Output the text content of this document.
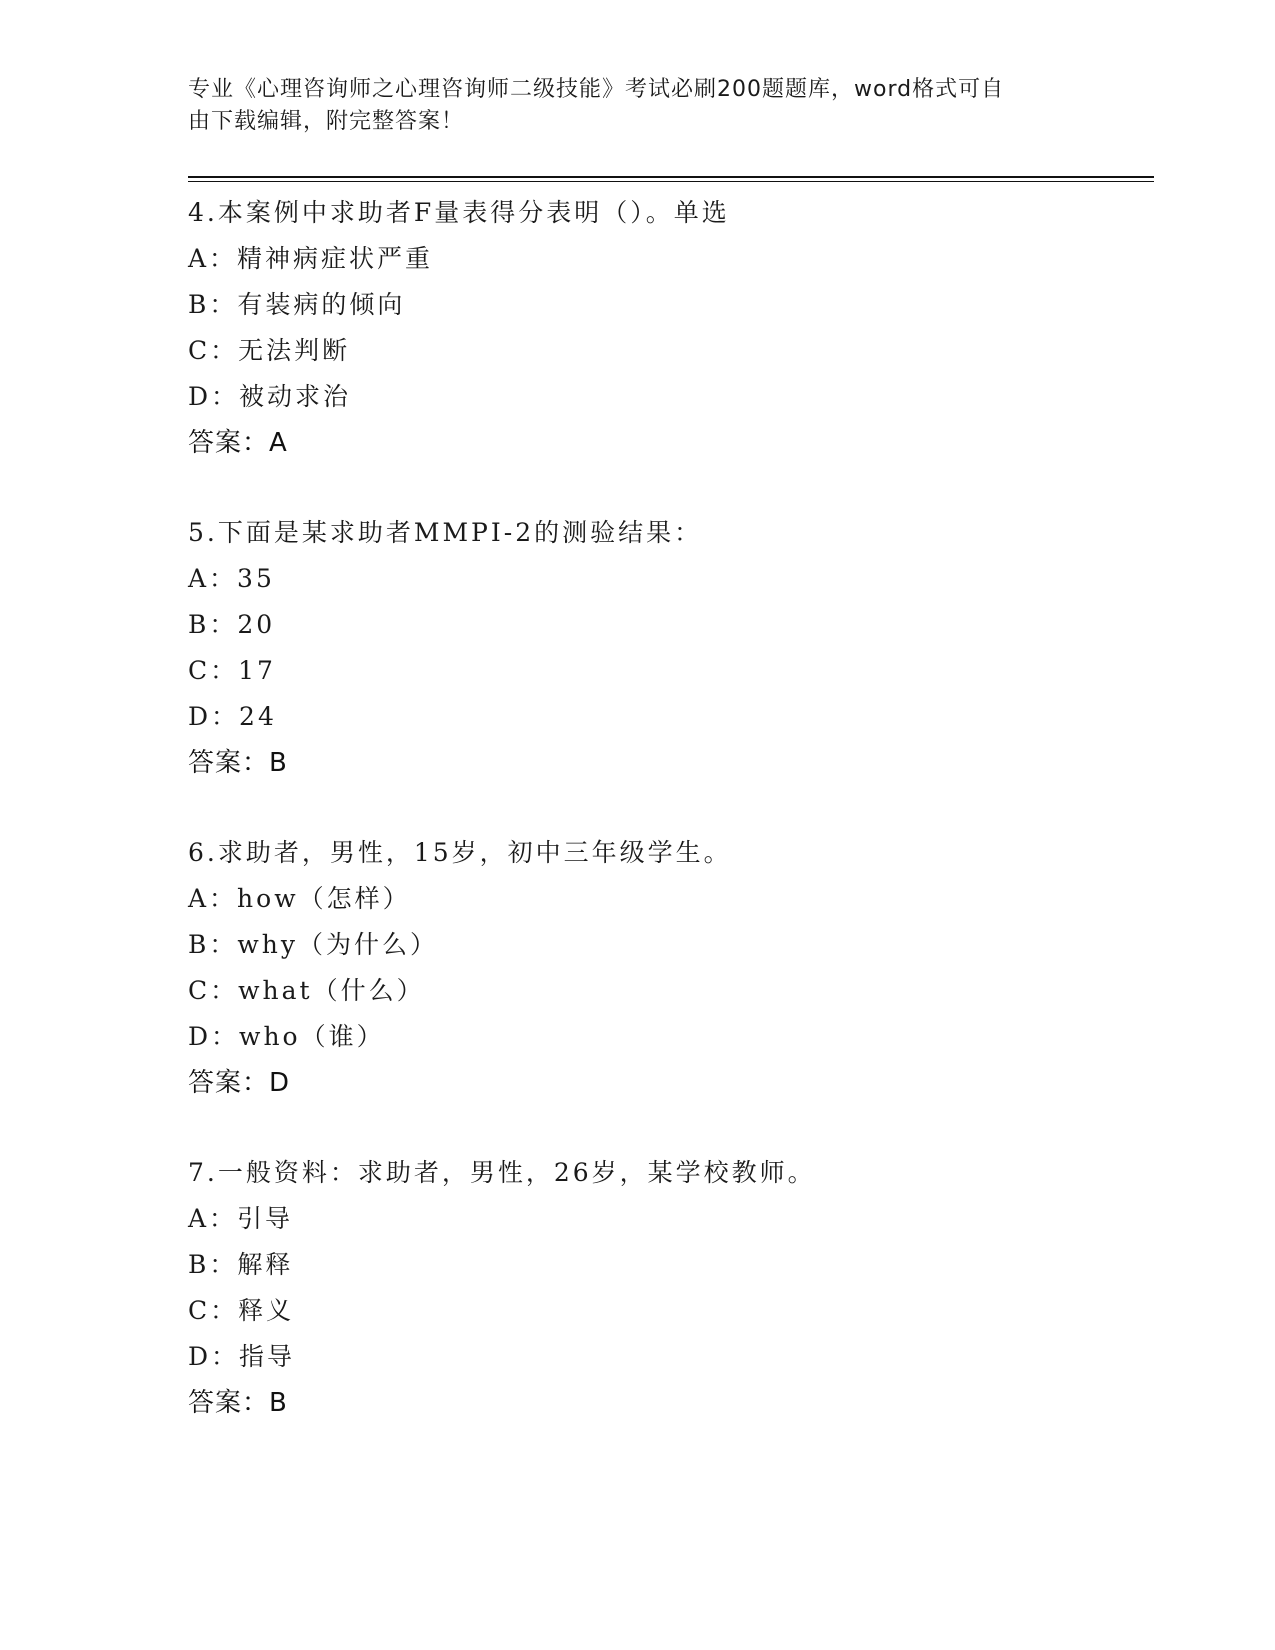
专业《心理咨询师之心理咨询师二级技能》考试必刷200题题库，word格式可自
由下载编辑，附完整答案！
4.本案例中求助者F量表得分表明（）。单选
A：精神病症状严重
B：有装病的倾向
C：无法判断
D：被动求治
答案：A
5.下面是某求助者MMPI-2的测验结果：
A：35
B：20
C：17
D：24
答案：B
6.求助者，男性，15岁，初中三年级学生。
A：how（怎样）
B：why（为什么）
C：what（什么）
D：who（谁）
答案：D
7.一般资料：求助者，男性，26岁，某学校教师。
A：引导
B：解释
C：释义
D：指导
答案：B
